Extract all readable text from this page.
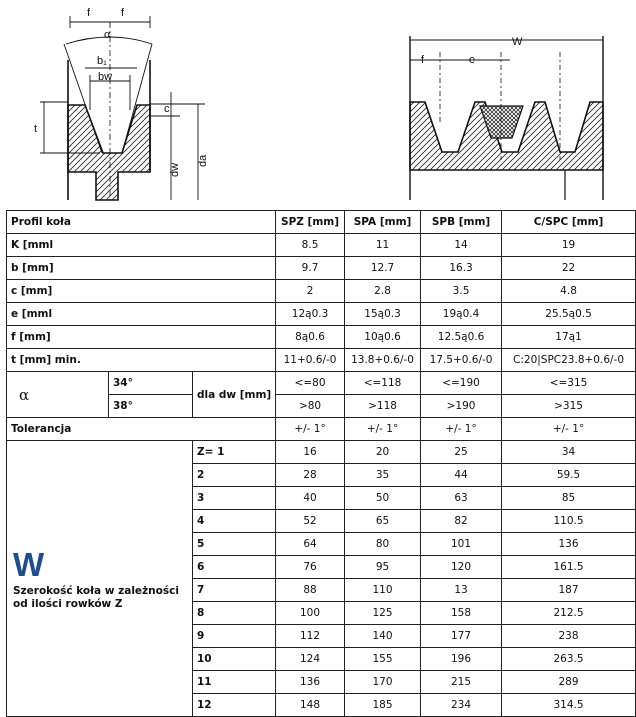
f	f
α
b₁
bw
c
t
dw
da
W
f	e
Profil koła			SPZ [mm]	SPA [mm]	SPB [mm]	C/SPC [mm]
K [mml			8.5	11	14	19
b [mm]			9.7	12.7	16.3	22
c [mm]			2	2.8	3.5	4.8
e [mml			12ą0.3	15ą0.3	19ą0.4	25.5ą0.5
f [mm]			8ą0.6	10ą0.6	12.5ą0.6	17ą1
t [mm] min.			11+0.6/-0	13.8+0.6/-0	17.5+0.6/-0	C:20|SPC23.8+0.6/-0
α	34°	dla dw [mm]	<=80	<=118	<=190	<=315
	38°		>80	>118	>190	>315
Tolerancja			+/- 1°	+/- 1°	+/- 1°	+/- 1°

W
Szerokość koła w zależności od ilości rowków Z		Z= 1	16	20	25	34
		2	28	35	44	59.5
		3	40	50	63	85
		4	52	65	82	110.5
		5	64	80	101	136
		6	76	95	120	161.5
		7	88	110	13	187
		8	100	125	158	212.5
		9	112	140	177	238
		10	124	155	196	263.5
		11	136	170	215	289
		12	148	185	234	314.5
